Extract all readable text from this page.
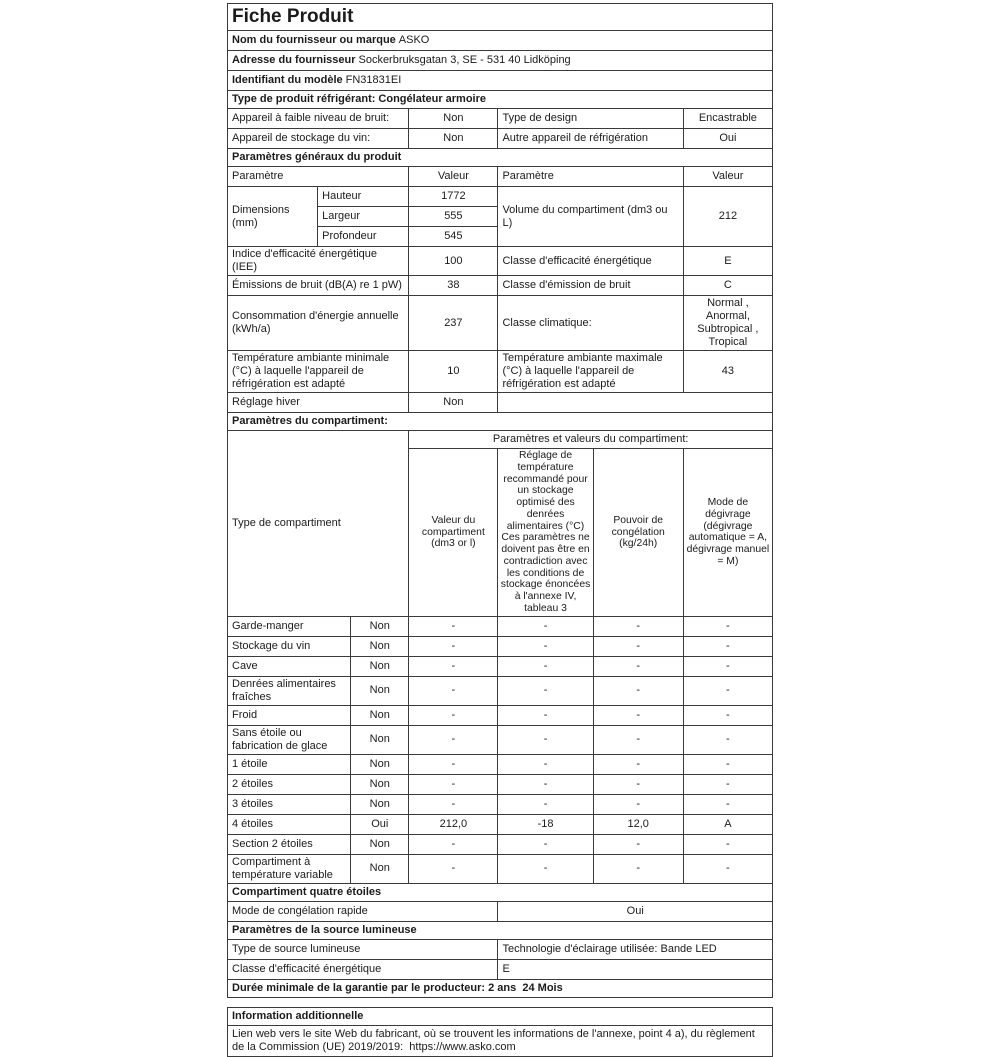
Fiche Produit						
Nom du fournisseur ou marque ASKO						
Adresse du fournisseur Sockerbruksgatan 3, SE - 531 40 Lidköping						
Identifiant du modèle FN31831EI						
Type de produit réfrigérant: Congélateur armoire						
Appareil à faible niveau de bruit:			Non	Type de design		Encastrable
Appareil de stockage du vin:			Non	Autre appareil de réfrigération		Oui
Paramètres généraux du produit						
Paramètre			Valeur	Paramètre		Valeur
Dimensions (mm)	Hauteur		1772	Volume du compartiment (dm3 ou L)		212
	Largeur		555			
	Profondeur		545			
Indice d'efficacité énergétique (IEE)			100	Classe d'efficacité énergétique		E
Émissions de bruit (dB(A) re 1 pW)			38	Classe d'émission de bruit		C
Consommation d'énergie annuelle (kWh/a)			237	Classe climatique:		Normal , Anormal, Subtropical , Tropical
Température ambiante minimale (°C) à laquelle l'appareil de réfrigération est adapté			10	Température ambiante maximale (°C) à laquelle l'appareil de réfrigération est adapté		43
Réglage hiver			Non			
Paramètres du compartiment:						
Type de compartiment			Paramètres et valeurs du compartiment:			
			Valeur du compartiment (dm3 or l)	Réglage de température recommandé pour un stockage optimisé des denrées alimentaires (°C) Ces paramètres ne doivent pas être en contradiction avec les conditions de stockage énoncées à l'annexe IV, tableau 3	Pouvoir de congélation (kg/24h)	Mode de dégivrage (dégivrage automatique = A, dégivrage manuel = M)
Garde-manger		Non	-	-	-	-
Stockage du vin		Non	-	-	-	-
Cave		Non	-	-	-	-
Denrées alimentaires fraîches		Non	-	-	-	-
Froid		Non	-	-	-	-
Sans étoile ou fabrication de glace		Non	-	-	-	-
1 étoile		Non	-	-	-	-
2 étoiles		Non	-	-	-	-
3 étoiles		Non	-	-	-	-
4 étoiles		Oui	212,0	-18	12,0	A
Section 2 étoiles		Non	-	-	-	-
Compartiment à température variable		Non	-	-	-	-
Compartiment quatre étoiles						
Mode de congélation rapide				Oui		
Paramètres de la source lumineuse						
Type de source lumineuse				Technologie d'éclairage utilisée: Bande LED		
Classe d'efficacité énergétique				E		
Durée minimale de la garantie par le producteur: 2 ans  24 Mois						
Information additionnelle
Lien web vers le site Web du fabricant, où se trouvent les informations de l'annexe, point 4 a), du règlement de la Commission (UE) 2019/2019:  https://www.asko.com
